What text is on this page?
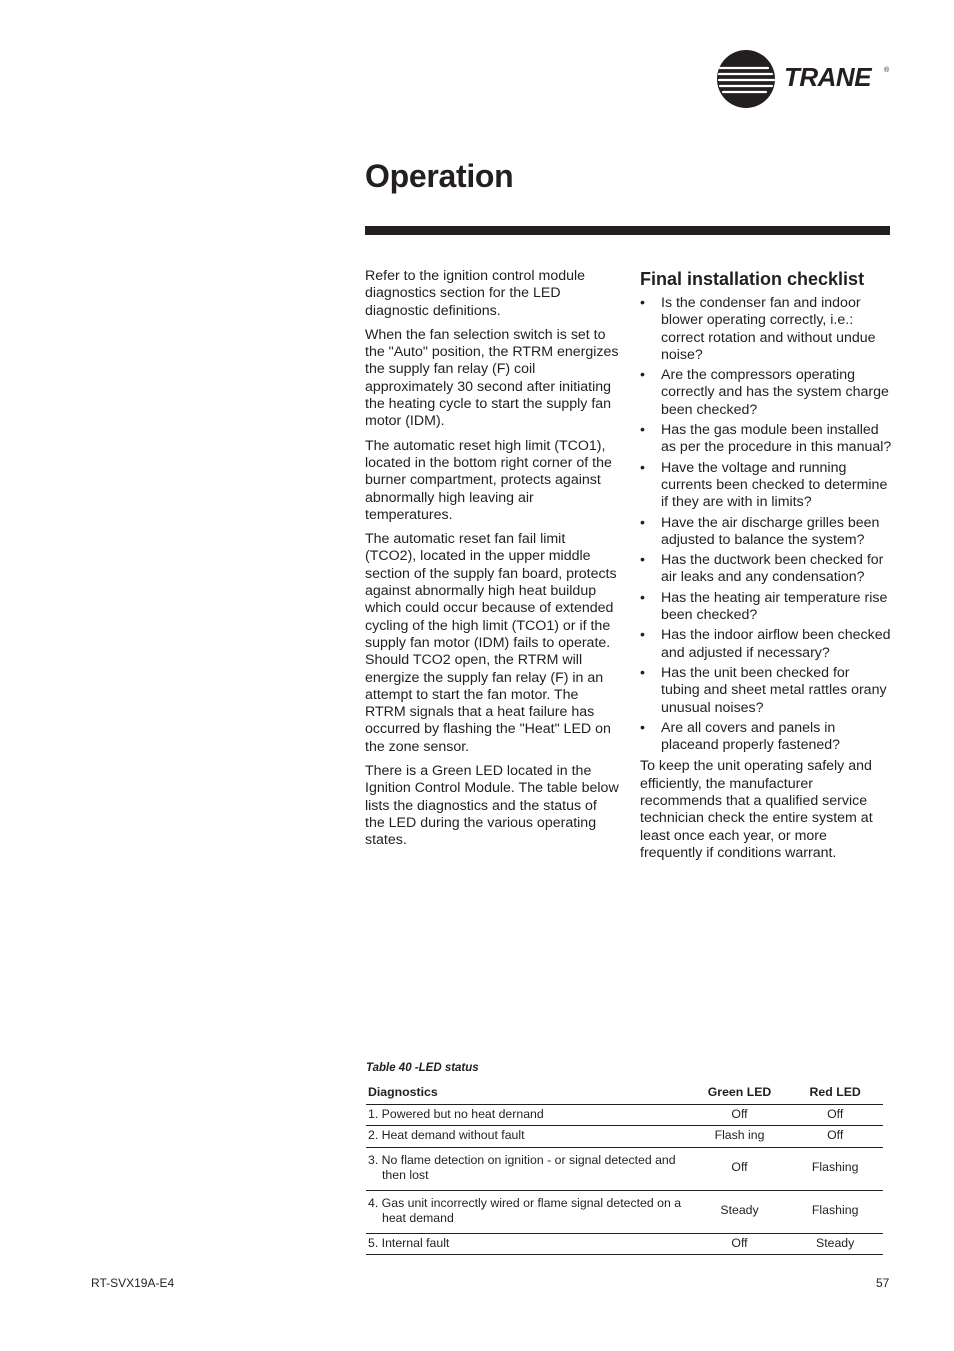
TRANE ®
Operation

Refer to the ignition control module diagnostics section for the LED diagnostic definitions.

When the fan selection switch is set to the "Auto" position, the RTRM energizes the supply fan relay (F) coil approximately 30 second after initiating the heating cycle to start the supply fan motor (IDM).

The automatic reset high limit (TCO1), located in the bottom right corner of the burner compartment, protects against abnormally high leaving air temperatures.

The automatic reset fan fail limit (TCO2), located in the upper middle section of the supply fan board, protects against abnormally high heat buildup which could occur because of extended cycling of the high limit (TCO1) or if the supply fan motor (IDM) fails to operate. Should TCO2 open, the RTRM will energize the supply fan relay (F) in an attempt to start the fan motor. The RTRM signals that a heat failure has occurred by flashing the "Heat" LED on the zone sensor.

There is a Green LED located in the Ignition Control Module. The table below lists the diagnostics and the status of the LED during the various operating states.

Final installation checklist
• Is the condenser fan and indoor blower operating correctly, i.e.: correct rotation and without undue noise?
• Are the compressors operating correctly and has the system charge been checked?
• Has the gas module been installed as per the procedure in this manual?
• Have the voltage and running currents been checked to determine if they are with in limits?
• Have the air discharge grilles been adjusted to balance the system?
• Has the ductwork been checked for air leaks and any condensation?
• Has the heating air temperature rise been checked?
• Has the indoor airflow been checked and adjusted if necessary?
• Has the unit been checked for tubing and sheet metal rattles orany unusual noises?
• Are all covers and panels in placeand properly fastened?

To keep the unit operating safely and efficiently, the manufacturer recommends that a qualified service technician check the entire system at least once each year, or more frequently if conditions warrant.

Table 40 -LED status
Diagnostics	Green LED	Red LED

1. Powered but no heat dernand	Off	Off

2. Heat demand without fault	Flash ing	Off

3. No flame detection on ignition - or signal detected and then lost	Off	Flashing

4. Gas unit incorrectly wired or flame signal detected on a heat demand	Steady	Flashing

5. Internal fault	Off	Steady
RT-SVX19A-E4	57
